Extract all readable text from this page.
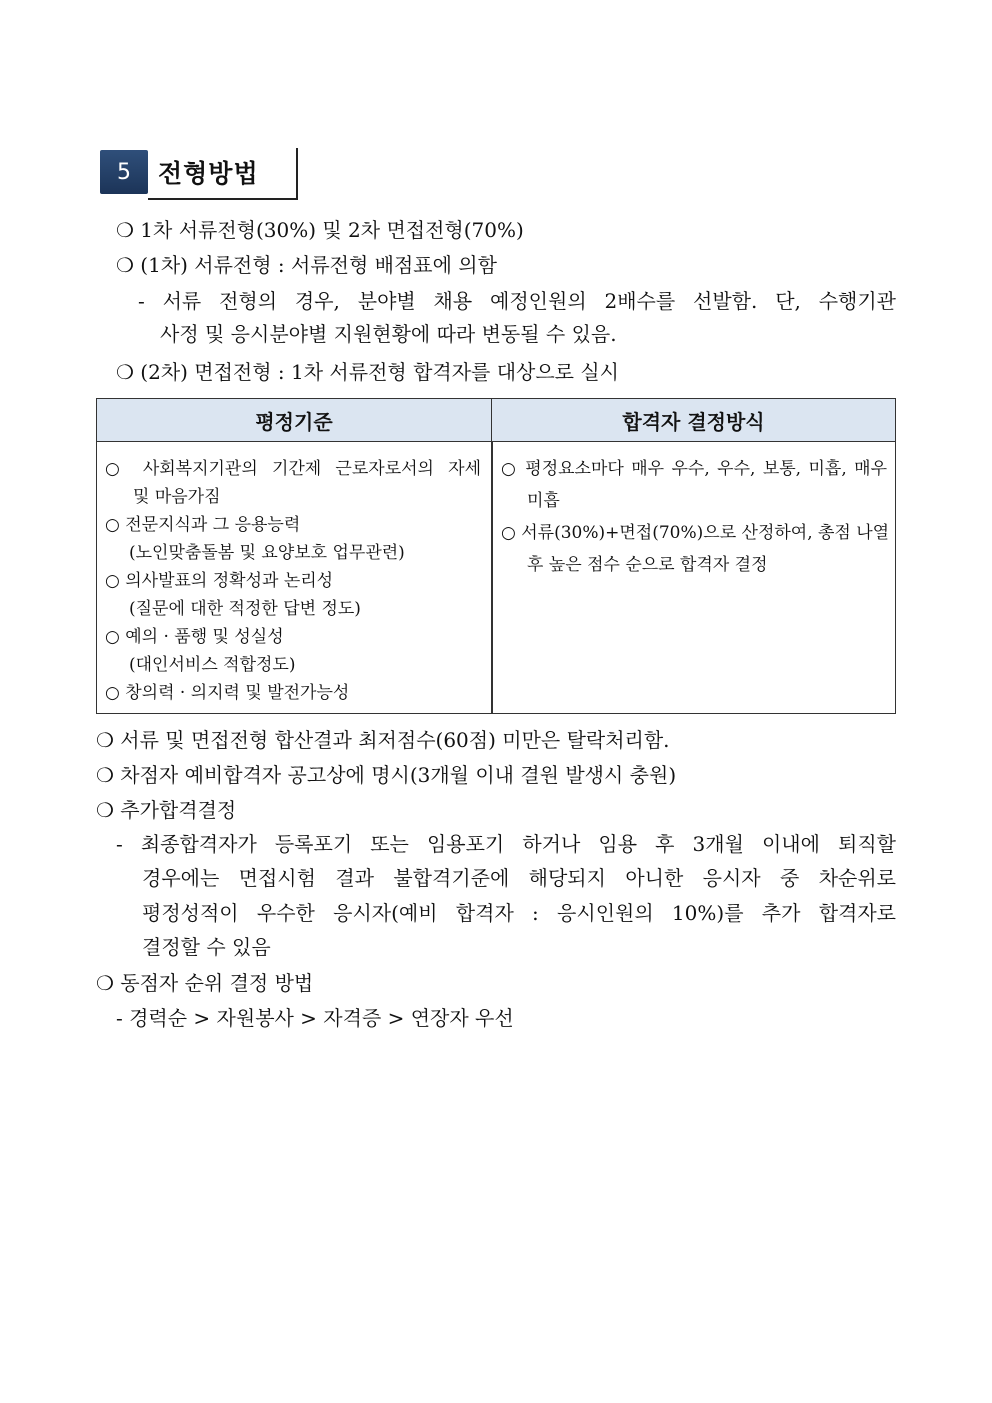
5	전형방법
❍ 1차 서류전형(30%) 및 2차 면접전형(70%)
❍ (1차) 서류전형 : 서류전형 배점표에 의함
- 서류 전형의 경우, 분야별 채용 예정인원의 2배수를 선발함. 단, 수행기관
사정 및 응시분야별 지원현황에 따라 변동될 수 있음.
❍ (2차) 면접전형 : 1차 서류전형 합격자를 대상으로 실시
평정기준	합격자 결정방식
○ 사회복지기관의 기간제 근로자로서의 자세
및 마음가짐
○ 전문지식과 그 응용능력
(노인맞춤돌봄 및 요양보호 업무관련)
○ 의사발표의 정확성과 논리성
(질문에 대한 적정한 답변 정도)
○ 예의 · 품행 및 성실성
(대인서비스 적합정도)
○ 창의력 · 의지력 및 발전가능성
○ 평정요소마다 매우 우수, 우수, 보통, 미흡, 매우
미흡
○ 서류(30%)+면접(70%)으로 산정하여, 총점 나열
후 높은 점수 순으로 합격자 결정
❍ 서류 및 면접전형 합산결과 최저점수(60점) 미만은 탈락처리함.
❍ 차점자 예비합격자 공고상에 명시(3개월 이내 결원 발생시 충원)
❍ 추가합격결정
- 최종합격자가 등록포기 또는 임용포기 하거나 임용 후 3개월 이내에 퇴직할
경우에는 면접시험 결과 불합격기준에 해당되지 아니한 응시자 중 차순위로
평정성적이 우수한 응시자(예비 합격자 : 응시인원의 10%)를 추가 합격자로
결정할 수 있음
❍ 동점자 순위 결정 방법
- 경력순 > 자원봉사 > 자격증 > 연장자 우선
